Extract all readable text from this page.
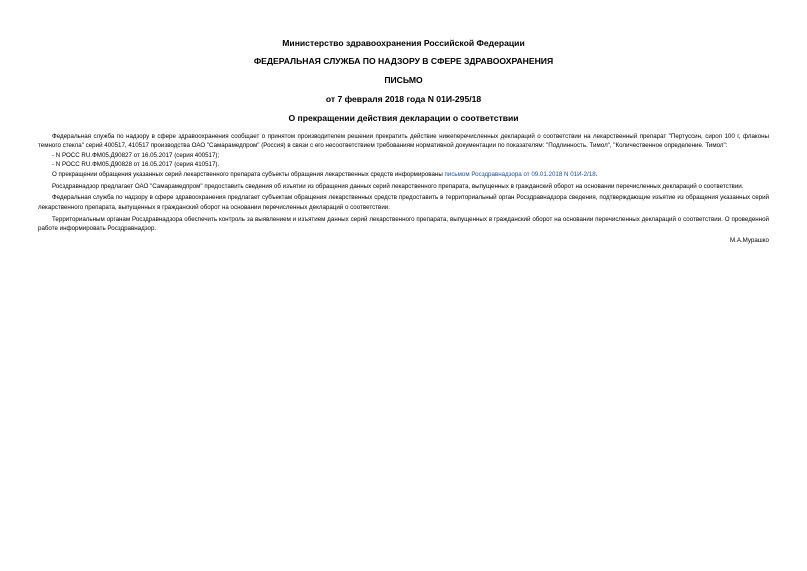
Министерство здравоохранения Российской Федерации

ФЕДЕРАЛЬНАЯ СЛУЖБА ПО НАДЗОРУ В СФЕРЕ ЗДРАВООХРАНЕНИЯ

ПИСЬМО

от 7 февраля 2018 года N 01И-295/18

О прекращении действия декларации о соответствии

Федеральная служба по надзору в сфере здравоохранения сообщает о принятом производителем решении прекратить действие нижеперечисленных деклараций о соответствии на лекарственный препарат "Пертуссин, сироп 100 г, флаконы темного стекла" серий 400517, 410517 производства ОАО "Самарамедпром" (Россия) в связи с его несоответствием требованиям нормативной документации по показателям: "Подлинность. Тимол", "Количественное определение. Тимол":

- N РОСС RU.ФМ05.Д90827 от 16.05.2017 (серия 400517);

- N РОСС RU.ФМ05.Д90828 от 16.05.2017 (серия 410517).

О прекращении обращения указанных серий лекарственного препарата субъекты обращения лекарственных средств информированы письмом Росздравнадзора от 09.01.2018 N 01И-2/18.

Росздравнадзор предлагает ОАО "Самарамедпром" предоставить сведения об изъятии из обращения данных серий лекарственного препарата, выпущенных в гражданский оборот на основании перечисленных деклараций о соответствии.

Федеральная служба по надзору в сфере здравоохранения предлагает субъектам обращения лекарственных средств предоставить в территориальный орган Росздравнадзора сведения, подтверждающие изъятие из обращения указанных серий лекарственного препарата, выпущенных в гражданский оборот на основании перечисленных деклараций о соответствии.

Территориальным органам Росздравнадзора обеспечить контроль за выявлением и изъятием данных серий лекарственного препарата, выпущенных в гражданский оборот на основании перечисленных деклараций о соответствии. О проведенной работе информировать Росздравнадзор.

М.А.Мурашко
